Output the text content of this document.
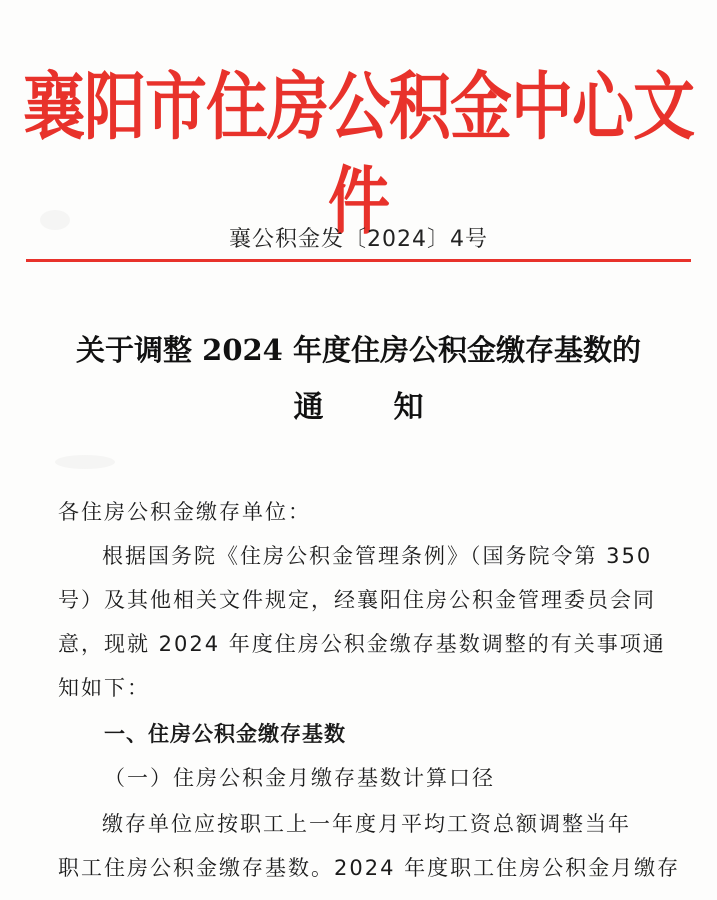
襄阳市住房公积金中心文件
襄公积金发〔2024〕4号
关于调整 2024 年度住房公积金缴存基数的
通 知
各住房公积金缴存单位：
根据国务院《住房公积金管理条例》（国务院令第 350
号）及其他相关文件规定，经襄阳住房公积金管理委员会同
意，现就 2024 年度住房公积金缴存基数调整的有关事项通
知如下：
一、住房公积金缴存基数
（一）住房公积金月缴存基数计算口径
缴存单位应按职工上一年度月平均工资总额调整当年
职工住房公积金缴存基数。2024 年度职工住房公积金月缴存
